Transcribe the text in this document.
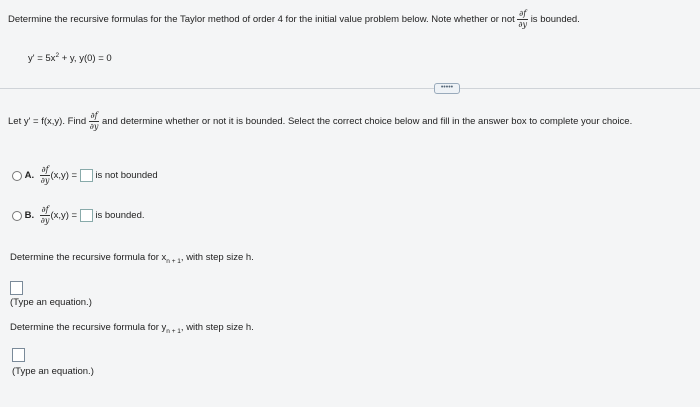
Determine the recursive formulas for the Taylor method of order 4 for the initial value problem below. Note whether or not $\frac{\partial f}{\partial y}$ is bounded.
$y' = 5x^2 + y$, y(0) = 0
•••••
Let y' = f(x,y). Find $\frac{\partial f}{\partial y}$ and determine whether or not it is bounded. Select the correct choice below and fill in the answer box to complete your choice.
A. $\frac{\partial f}{\partial y} (x,y)$ = is not bounded
B. $\frac{\partial f}{\partial y} (x,y)$ = is bounded.
Determine the recursive formula for $x_{n + 1}$, with step size h.
(Type an equation.)
Determine the recursive formula for $y_{n + 1}$, with step size h.
(Type an equation.)
